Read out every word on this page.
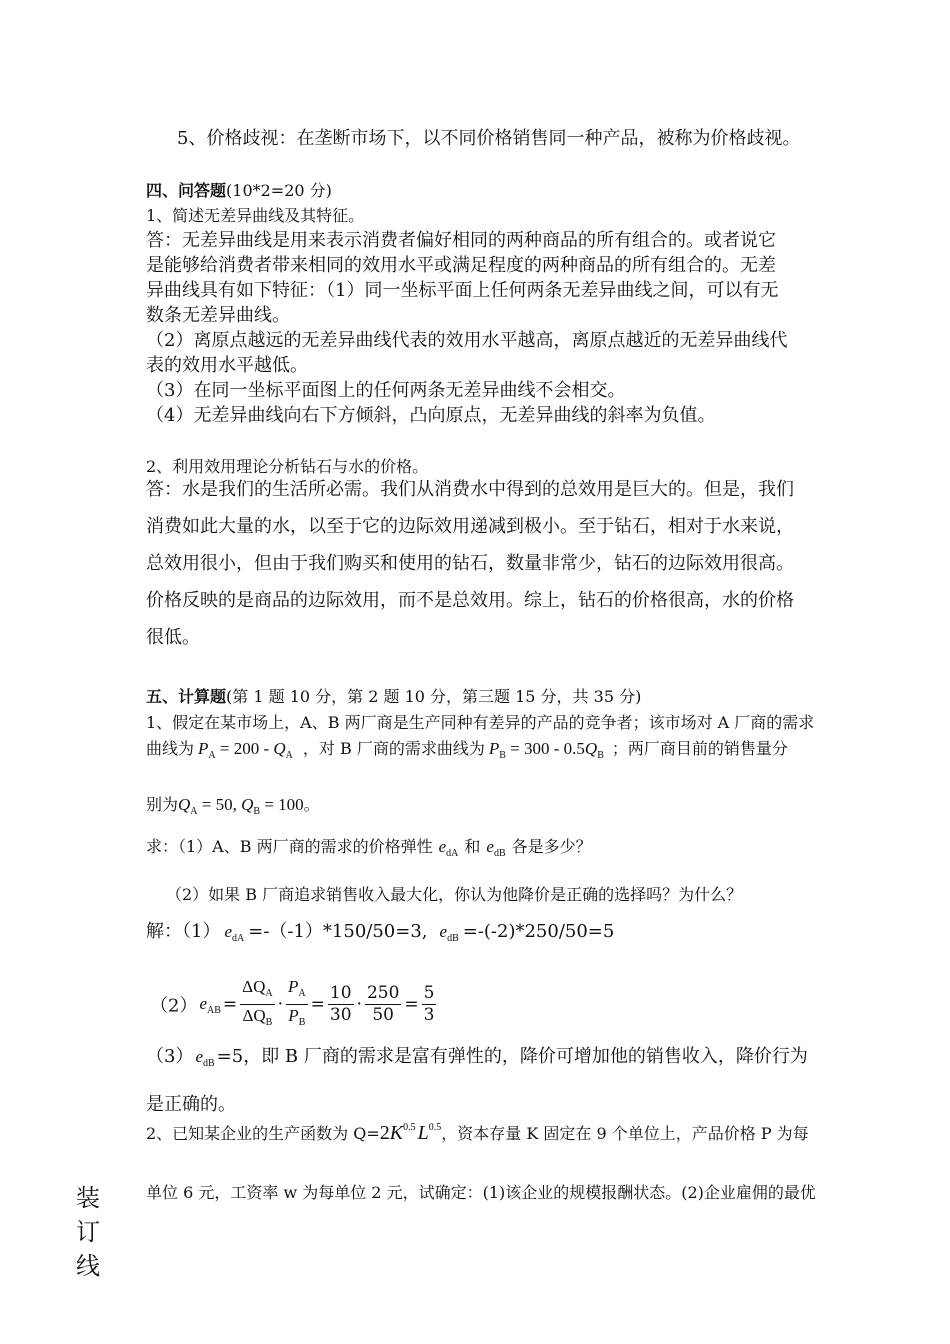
5、价格歧视：在垄断市场下，以不同价格销售同一种产品，被称为价格歧视。
四、问答题(10*2=20 分)
1、简述无差异曲线及其特征。
答：无差异曲线是用来表示消费者偏好相同的两种商品的所有组合的。或者说它
是能够给消费者带来相同的效用水平或满足程度的两种商品的所有组合的。无差
异曲线具有如下特征：（1）同一坐标平面上任何两条无差异曲线之间，可以有无
数条无差异曲线。
（2）离原点越远的无差异曲线代表的效用水平越高，离原点越近的无差异曲线代
表的效用水平越低。
（3）在同一坐标平面图上的任何两条无差异曲线不会相交。
（4）无差异曲线向右下方倾斜，凸向原点，无差异曲线的斜率为负值。
2、利用效用理论分析钻石与水的价格。
答：水是我们的生活所必需。我们从消费水中得到的总效用是巨大的。但是，我们
消费如此大量的水，以至于它的边际效用递减到极小。至于钻石，相对于水来说，
总效用很小，但由于我们购买和使用的钻石，数量非常少，钻石的边际效用很高。
价格反映的是商品的边际效用，而不是总效用。综上，钻石的价格很高，水的价格
很低。
五、计算题(第 1 题 10 分，第 2 题 10 分，第三题 15 分，共 35 分)
1、假定在某市场上，A、B 两厂商是生产同种有差异的产品的竞争者；该市场对 A 厂商的需求
曲线为 $P_A = 200 - Q_A$ ，对 B 厂商的需求曲线为 $P_B = 300 - 0.5Q_B$ ；两厂商目前的销售量分
别为$Q_A = 50$, $Q_B = 100$。
求：（1）A、B 两厂商的需求的价格弹性 $e_{dA}$ 和 $e_{dB}$ 各是多少？
（2）如果 B 厂商追求销售收入最大化，你认为他降价是正确的选择吗？为什么？
解：（1） $e_{dA} =-(-1)*150/50=3$, $e_{dB} =-(-2)*250/50=5$
（2） $e_{AB} = \frac{\Delta Q_A}{\Delta Q_B} \cdot \frac{P_A}{P_B} = \frac{10}{30} \cdot \frac{250}{50} = \frac{5}{3}$
（3） $e_{dB} =5$，即 B 厂商的需求是富有弹性的，降价可增加他的销售收入，降价行为
是正确的。
2、已知某企业的生产函数为 $Q=2K^{0.5}$ $L^{0.5}$，资本存量 K 固定在 9 个单位上，产品价格 P 为每
单位 6 元，工资率 w 为每单位 2 元，试确定：(1)该企业的规模报酬状态。(2)企业雇佣的最优
装
订
线
